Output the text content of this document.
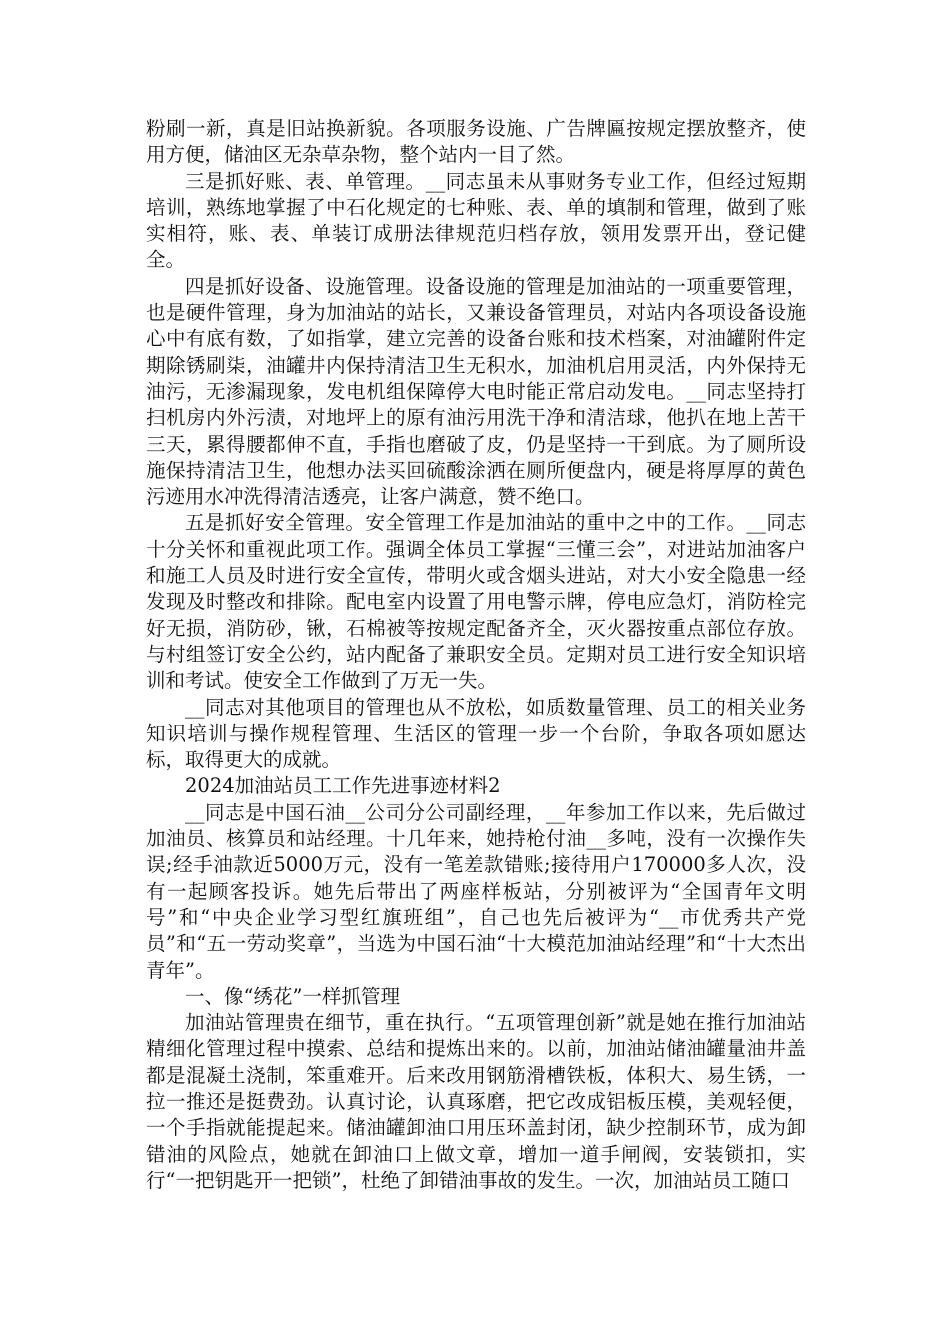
粉刷一新，真是旧站换新貌。各项服务设施、广告牌匾按规定摆放整齐，使用方便，储油区无杂草杂物，整个站内一目了然。

三是抓好账、表、单管理。__同志虽未从事财务专业工作，但经过短期培训，熟练地掌握了中石化规定的七种账、表、单的填制和管理，做到了账实相符，账、表、单装订成册法律规范归档存放，领用发票开出，登记健全。

四是抓好设备、设施管理。设备设施的管理是加油站的一项重要管理，也是硬件管理，身为加油站的站长，又兼设备管理员，对站内各项设备设施心中有底有数，了如指掌，建立完善的设备台账和技术档案，对油罐附件定期除锈刷柒，油罐井内保持清洁卫生无积水，加油机启用灵活，内外保持无油污，无渗漏现象，发电机组保障停大电时能正常启动发电。__同志坚持打扫机房内外污渍，对地坪上的原有油污用洗干净和清洁球，他扒在地上苦干三天，累得腰都伸不直，手指也磨破了皮，仍是坚持一干到底。为了厕所设施保持清洁卫生，他想办法买回硫酸涂洒在厕所便盘内，硬是将厚厚的黄色污迹用水冲洗得清洁透亮，让客户满意，赞不绝口。

五是抓好安全管理。安全管理工作是加油站的重中之中的工作。__同志十分关怀和重视此项工作。强调全体员工掌握“三懂三会”，对进站加油客户和施工人员及时进行安全宣传，带明火或含烟头进站，对大小安全隐患一经发现及时整改和排除。配电室内设置了用电警示牌，停电应急灯，消防栓完好无损，消防砂，锹，石棉被等按规定配备齐全，灭火器按重点部位存放。与村组签订安全公约，站内配备了兼职安全员。定期对员工进行安全知识培训和考试。使安全工作做到了万无一失。

__同志对其他项目的管理也从不放松，如质数量管理、员工的相关业务知识培训与操作规程管理、生活区的管理一步一个台阶，争取各项如愿达标，取得更大的成就。

2024加油站员工工作先进事迹材料2

__同志是中国石油__公司分公司副经理，__年参加工作以来，先后做过加油员、核算员和站经理。十几年来，她持枪付油__多吨，没有一次操作失误;经手油款近5000万元，没有一笔差款错账;接待用户170000多人次，没有一起顾客投诉。她先后带出了两座样板站，分别被评为“全国青年文明号”和“中央企业学习型红旗班组”，自己也先后被评为“__市优秀共产党员”和“五一劳动奖章”，当选为中国石油“十大模范加油站经理”和“十大杰出青年”。

一、像“绣花”一样抓管理

加油站管理贵在细节，重在执行。“五项管理创新”就是她在推行加油站精细化管理过程中摸索、总结和提炼出来的。以前，加油站储油罐量油井盖都是混凝土浇制，笨重难开。后来改用钢筋滑槽铁板，体积大、易生锈，一拉一推还是挺费劲。认真讨论，认真琢磨，把它改成铝板压模，美观轻便，一个手指就能提起来。储油罐卸油口用压环盖封闭，缺少控制环节，成为卸错油的风险点，她就在卸油口上做文章，增加一道手闸阀，安装锁扣，实行“一把钥匙开一把锁”，杜绝了卸错油事故的发生。一次，加油站员工随口
